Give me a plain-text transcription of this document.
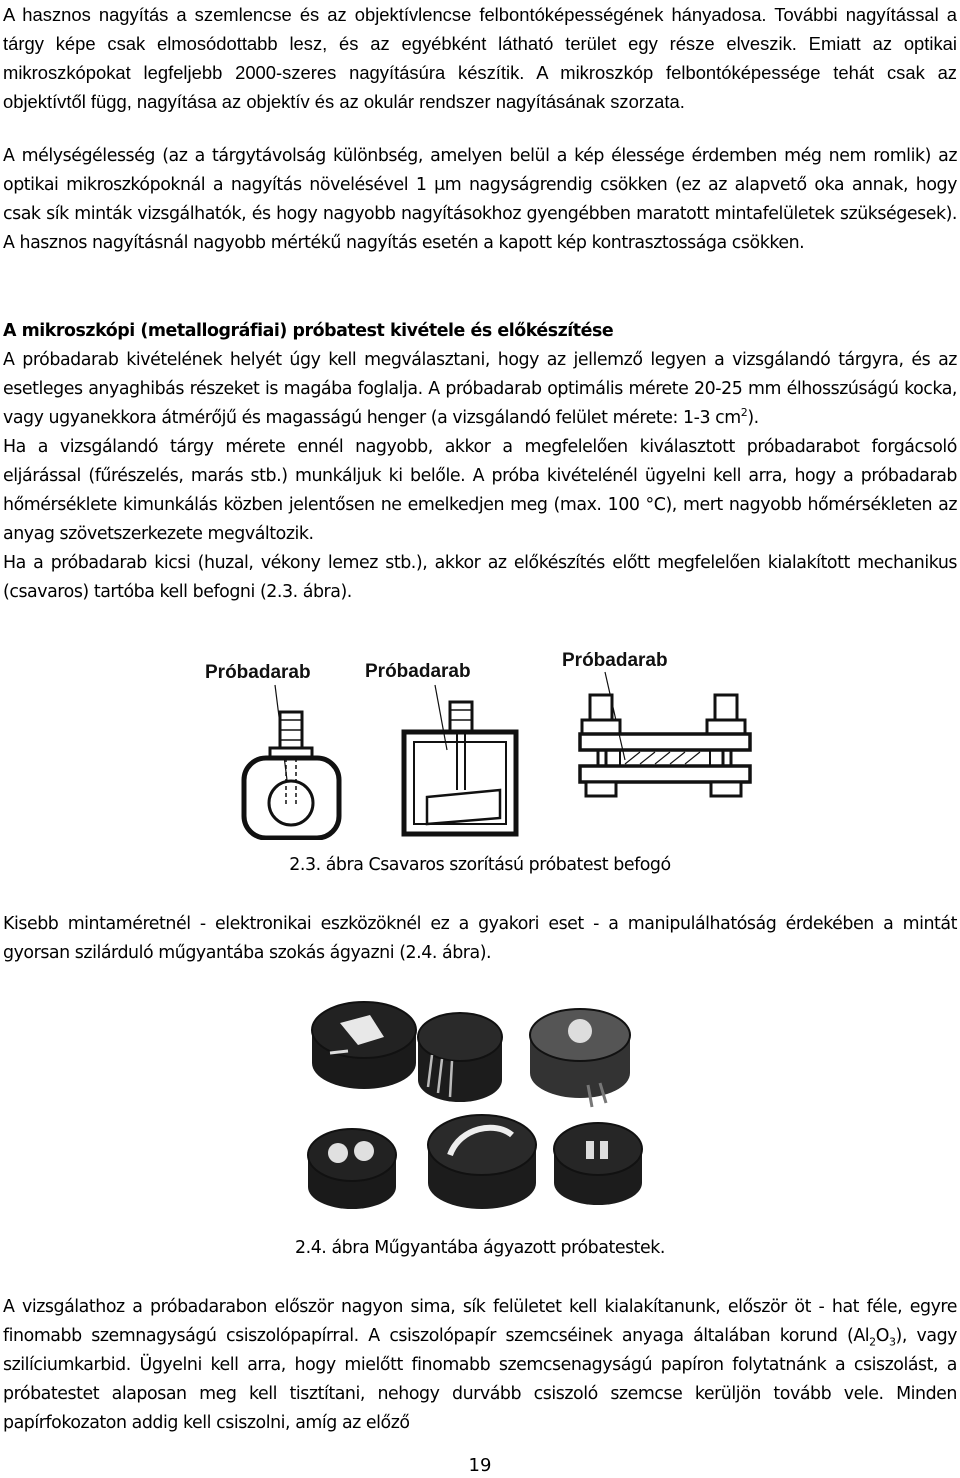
A hasznos nagyítás a szemlencse és az objektívlencse felbontóképességének hányadosa. További nagyítással a tárgy képe csak elmosódottabb lesz, és az egyébként látható terület egy része elveszik. Emiatt az optikai mikroszkópokat legfeljebb 2000-szeres nagyításúra készítik. A mikroszkóp felbontóképessége tehát csak az objektívtől függ, nagyítása az objektív és az okulár rendszer nagyításának szorzata.

A mélységélesség (az a tárgytávolság különbség, amelyen belül a kép élessége érdemben még nem romlik) az optikai mikroszkópoknál a nagyítás növelésével 1 μm nagyságrendig csökken (ez az alapvető oka annak, hogy csak sík minták vizsgálhatók, és hogy nagyobb nagyításokhoz gyengébben maratott mintafelületek szükségesek). A hasznos nagyításnál nagyobb mértékű nagyítás esetén a kapott kép kontrasztossága csökken.

A mikroszkópi (metallográfiai) próbatest kivétele és előkészítése

A próbadarab kivételének helyét úgy kell megválasztani, hogy az jellemző legyen a vizsgálandó tárgyra, és az esetleges anyaghibás részeket is magába foglalja. A próbadarab optimális mérete 20-25 mm élhosszúságú kocka, vagy ugyanekkora átmérőjű és magasságú henger (a vizsgálandó felület mérete: 1-3 $cm^2$).

Ha a vizsgálandó tárgy mérete ennél nagyobb, akkor a megfelelően kiválasztott próbadarabot forgácsoló eljárással (fűrészelés, marás stb.) munkáljuk ki belőle. A próba kivételénél ügyelni kell arra, hogy a próbadarab hőmérséklete kimunkálás közben jelentősen ne emelkedjen meg (max. 100 °C), mert nagyobb hőmérsékleten az anyag szövetszerkezete megváltozik.

Ha a próbadarab kicsi (huzal, vékony lemez stb.), akkor az előkészítés előtt megfelelően kialakított mechanikus (csavaros) tartóba kell befogni (2.3. ábra).

Próbadarab	Próbadarab
Próbadarab
2.3. ábra Csavaros szorítású próbatest befogó

Kisebb mintaméretnél - elektronikai eszközöknél ez a gyakori eset - a manipulálhatóság érdekében a mintát gyorsan szilárduló műgyantába szokás ágyazni (2.4. ábra).

2.4. ábra Műgyantába ágyazott próbatestek.

A vizsgálathoz a próbadarabon először nagyon sima, sík felületet kell kialakítanunk, először öt - hat féle, egyre finomabb szemnagyságú csiszolópapírral. A csiszolópapír szemcséinek anyaga általában korund $(Al_2O_3)$, vagy szilíciumkarbid. Ügyelni kell arra, hogy mielőtt finomabb szemcsenagyságú papíron folytatnánk a csiszolást, a próbatestet alaposan meg kell tisztítani, nehogy durvább csiszoló szemcse kerüljön tovább vele. Minden papírfokozaton addig kell csiszolni, amíg az előző

19
